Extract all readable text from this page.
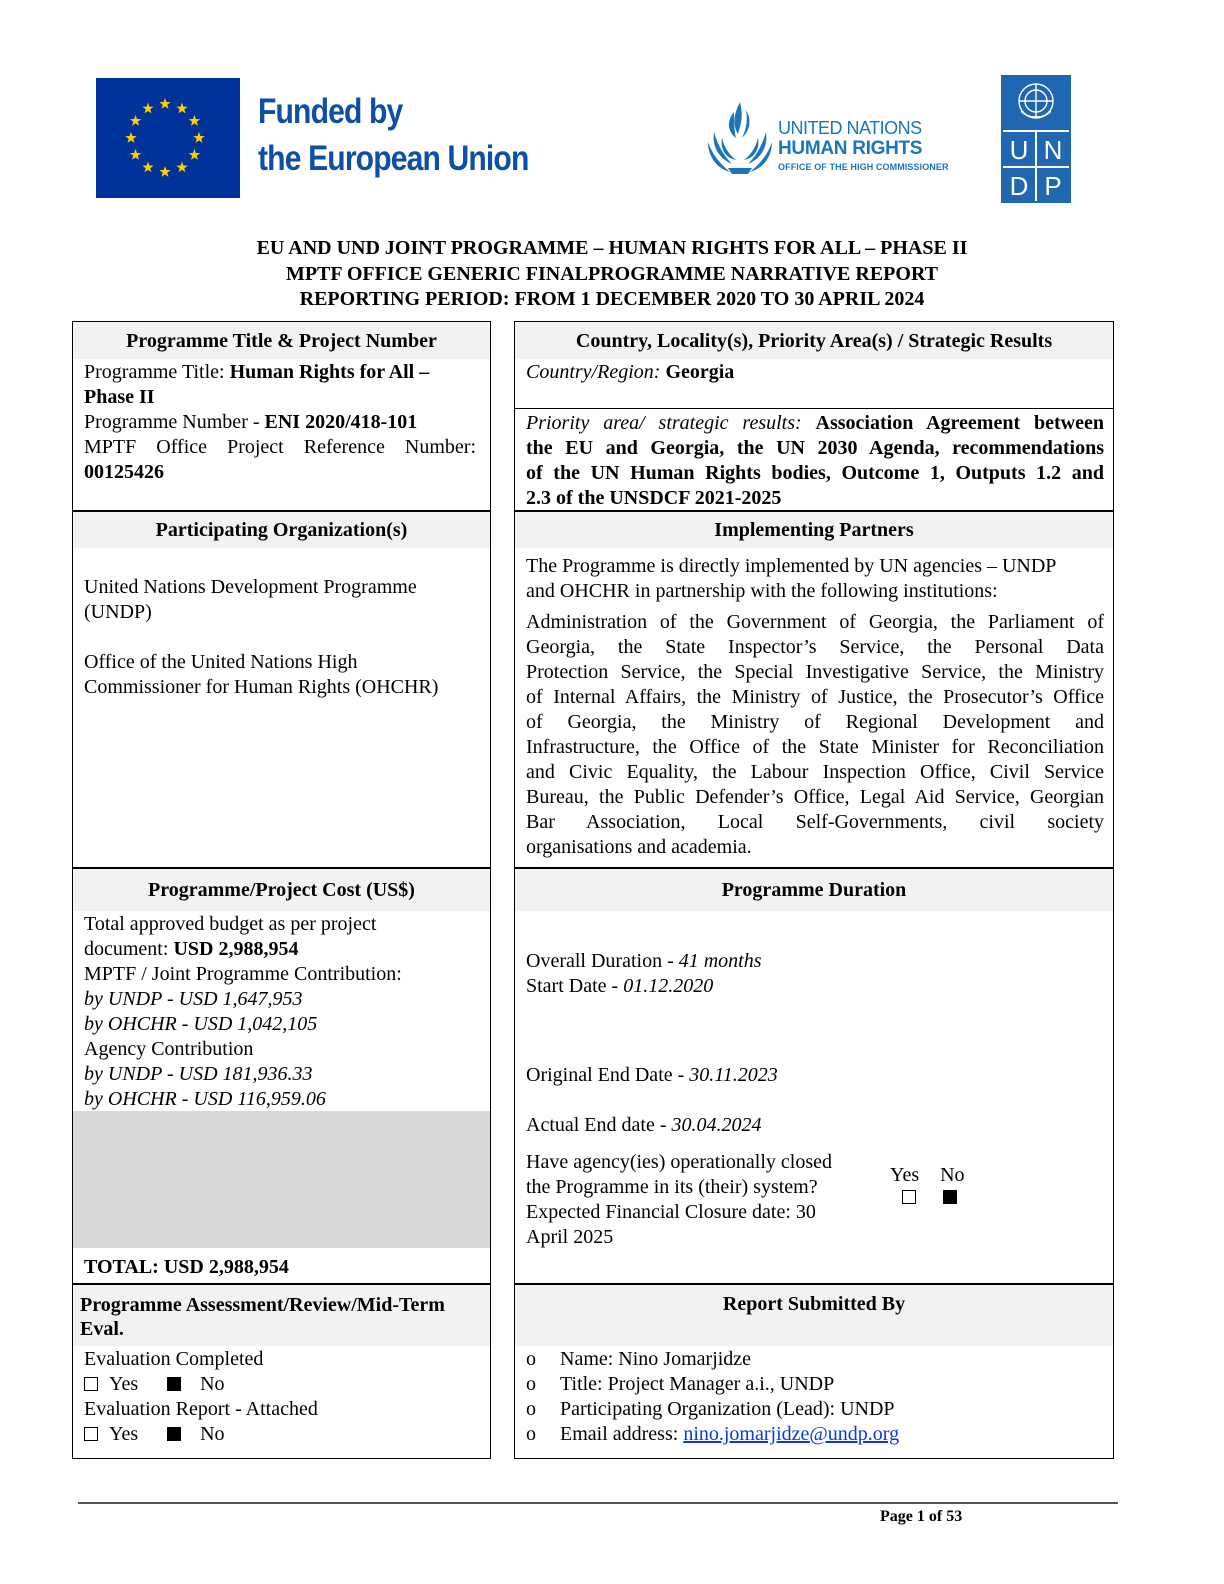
Funded by
the European Union
UNITED NATIONS
HUMAN RIGHTS
OFFICE OF THE HIGH COMMISSIONER
U N
D P
EU AND UND JOINT PROGRAMME – HUMAN RIGHTS FOR ALL – PHASE II
MPTF OFFICE GENERIC FINALPROGRAMME NARRATIVE REPORT
REPORTING PERIOD: FROM 1 DECEMBER 2020 TO 30 APRIL 2024
Programme Title & Project Number
Programme Title: Human Rights for All –
Phase II
Programme Number - ENI 2020/418-101
MPTF Office Project Reference Number:
00125426
Participating Organization(s)
United Nations Development Programme
(UNDP)
Office of the United Nations High
Commissioner for Human Rights (OHCHR)
Programme/Project Cost (US$)
Total approved budget as per project
document: USD 2,988,954
MPTF / Joint Programme Contribution:
by UNDP - USD 1,647,953
by OHCHR - USD 1,042,105
Agency Contribution
by UNDP - USD 181,936.33
by OHCHR - USD 116,959.06
TOTAL: USD 2,988,954
Programme Assessment/Review/Mid-Term
Eval.
Evaluation Completed
Yes	No
Evaluation Report - Attached
Yes	No
Country, Locality(s), Priority Area(s) / Strategic Results
Country/Region: Georgia
Priority area/ strategic results: Association Agreement between
the EU and Georgia, the UN 2030 Agenda, recommendations
of the UN Human Rights bodies, Outcome 1, Outputs 1.2 and
2.3 of the UNSDCF 2021-2025
Implementing Partners
The Programme is directly implemented by UN agencies – UNDP
and OHCHR in partnership with the following institutions:
Administration of the Government of Georgia, the Parliament of
Georgia, the State Inspector’s Service, the Personal Data
Protection Service, the Special Investigative Service, the Ministry
of Internal Affairs, the Ministry of Justice, the Prosecutor’s Office
of Georgia, the Ministry of Regional Development and
Infrastructure, the Office of the State Minister for Reconciliation
and Civic Equality, the Labour Inspection Office, Civil Service
Bureau, the Public Defender’s Office, Legal Aid Service, Georgian
Bar Association, Local Self-Governments, civil society
organisations and academia.
Programme Duration
Overall Duration - 41 months
Start Date - 01.12.2020
Original End Date - 30.11.2023
Actual End date - 30.04.2024
Have agency(ies) operationally closed
the Programme in its (their) system?
Expected Financial Closure date: 30
April 2025
Yes No

Report Submitted By
o Name: Nino Jomarjidze
o Title: Project Manager a.i., UNDP
o Participating Organization (Lead): UNDP
o Email address: nino.jomarjidze@undp.org
Page 1 of 53
